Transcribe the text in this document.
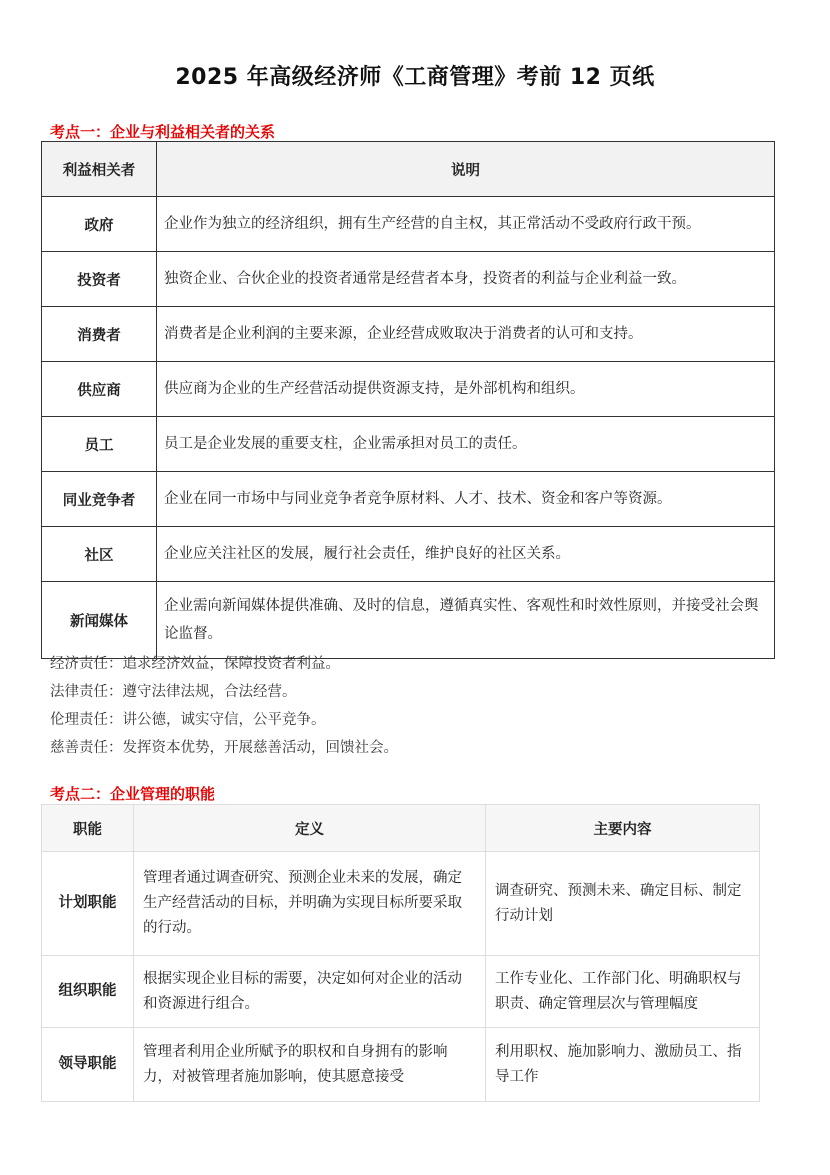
2025 年高级经济师《工商管理》考前 12 页纸
考点一：企业与利益相关者的关系
利益相关者	说明
政府	企业作为独立的经济组织，拥有生产经营的自主权，其正常活动不受政府行政干预。
投资者	独资企业、合伙企业的投资者通常是经营者本身，投资者的利益与企业利益一致。
消费者	消费者是企业利润的主要来源，企业经营成败取决于消费者的认可和支持。
供应商	供应商为企业的生产经营活动提供资源支持，是外部机构和组织。
员工	员工是企业发展的重要支柱，企业需承担对员工的责任。
同业竞争者	企业在同一市场中与同业竞争者竞争原材料、人才、技术、资金和客户等资源。
社区	企业应关注社区的发展，履行社会责任，维护良好的社区关系。
新闻媒体	企业需向新闻媒体提供准确、及时的信息，遵循真实性、客观性和时效性原则，并接受社会舆论监督。
经济责任：追求经济效益，保障投资者利益。
法律责任：遵守法律法规，合法经营。
伦理责任：讲公德，诚实守信，公平竞争。
慈善责任：发挥资本优势，开展慈善活动，回馈社会。
考点二：企业管理的职能
职能	定义	主要内容
计划职能	管理者通过调查研究、预测企业未来的发展，确定生产经营活动的目标，并明确为实现目标所要采取的行动。	调查研究、预测未来、确定目标、制定行动计划
组织职能	根据实现企业目标的需要，决定如何对企业的活动和资源进行组合。	工作专业化、工作部门化、明确职权与职责、确定管理层次与管理幅度
领导职能	管理者利用企业所赋予的职权和自身拥有的影响力，对被管理者施加影响，使其愿意接受	利用职权、施加影响力、激励员工、指导工作
